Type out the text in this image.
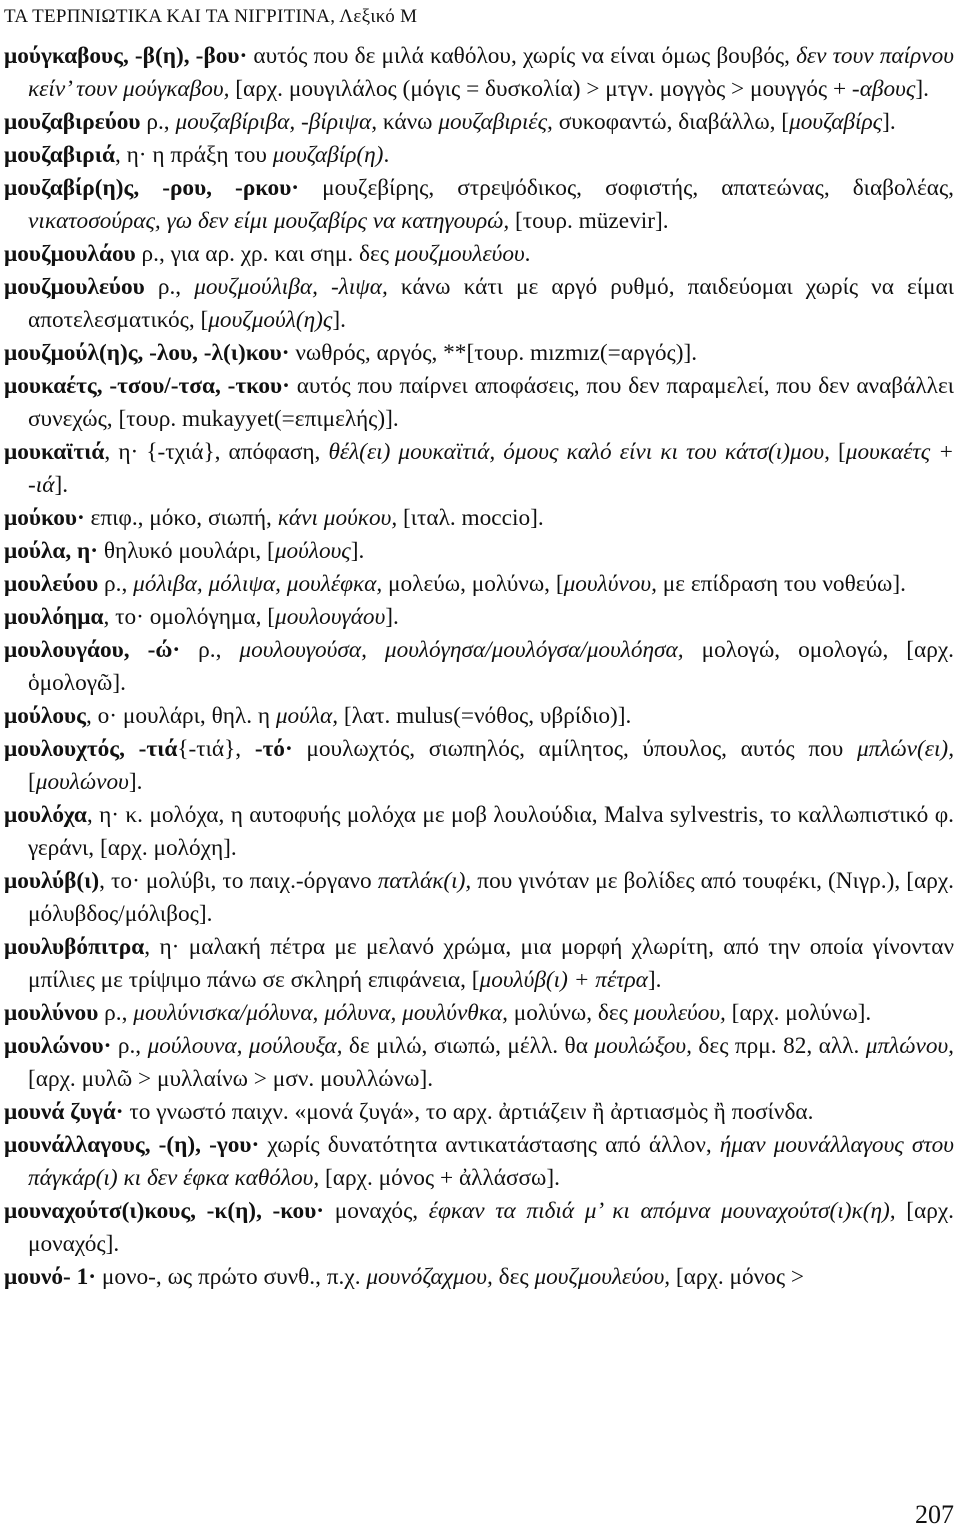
ΤΑ ΤΕΡΠΝΙΩΤΙΚΑ ΚΑΙ ΤΑ ΝΙΓΡΙΤΙΝΑ, Λεξικό Μ
μούγκαβους, -β(η), -βου· αυτός που δε μιλά καθόλου, χωρίς να είναι όμως βουβός, δεν τουν παίρνου κείν’ τουν μούγκαβου, [αρχ. μουγιλάλος (μόγις = δυσκολία) > μτγν. μογγὸς > μουγγός + -αβους].
μουζαβιρεύου ρ., μουζαβίριβα, -βίριψα, κάνω μουζαβιριές, συκοφαντώ, διαβάλλω, [μουζαβίρς].
μουζαβιριά, η· η πράξη του μουζαβίρ(η).
μουζαβίρ(η)ς, -ρου, -ρκου· μουζεβίρης, στρεψόδικος, σοφιστής, απατεώνας, διαβολέας, νικατοσούρας, γω δεν είμι μουζαβίρς να κατηγουρώ, [τουρ. müzevir].
μουζμουλάου ρ., για αρ. χρ. και σημ. δες μουζμουλεύου.
μουζμουλεύου ρ., μουζμούλιβα, -λιψα, κάνω κάτι με αργό ρυθμό, παιδεύομαι χωρίς να είμαι αποτελεσματικός, [μουζμούλ(η)ς].
μουζμούλ(η)ς, -λου, -λ(ι)κου· νωθρός, αργός, **[τουρ. mızmız(=αργός)].
μουκαέτς, -τσου/-τσα, -τκου· αυτός που παίρνει αποφάσεις, που δεν παραμελεί, που δεν αναβάλλει συνεχώς, [τουρ. mukayyet(=επιμελής)].
μουκαϊτιά, η· {-τχιά}, απόφαση, θέλ(ει) μουκαϊτιά, όμους καλό είνι κι του κάτσ(ι)μου, [μουκαέτς + -ιά].
μούκου· επιφ., μόκο, σιωπή, κάνι μούκου, [ιταλ. moccio].
μούλα, η· θηλυκό μουλάρι, [μούλους].
μουλεύου ρ., μόλιβα, μόλιψα, μουλέφκα, μολεύω, μολύνω, [μουλύνου, με επίδραση του νοθεύω].
μουλόημα, το· ομολόγημα, [μουλουγάου].
μουλουγάου, -ώ· ρ., μουλουγούσα, μουλόγησα/μουλόγσα/μουλόησα, μολογώ, ομολογώ, [αρχ. ὁμολογῶ].
μούλους, ο· μουλάρι, θηλ. η μούλα, [λατ. mulus(=νόθος, υβρίδιο)].
μουλουχτός, -τιά{-τιά}, -τό· μουλωχτός, σιωπηλός, αμίλητος, ύπουλος, αυτός που μπλών(ει), [μουλώνου].
μουλόχα, η· κ. μολόχα, η αυτοφυής μολόχα με μοβ λουλούδια, Malva sylvestris, το καλλωπιστικό φ. γεράνι, [αρχ. μολόχη].
μουλύβ(ι), το· μολύβι, το παιχ.-όργανο πατλάκ(ι), που γινόταν με βολίδες από τουφέκι, (Νιγρ.), [αρχ. μόλυβδος/μόλιβος].
μουλυβόπιτρα, η· μαλακή πέτρα με μελανό χρώμα, μια μορφή χλωρίτη, από την οποία γίνονταν μπίλιες με τρίψιμο πάνω σε σκληρή επιφάνεια, [μουλύβ(ι) + πέτρα].
μουλύνου ρ., μουλύνισκα/μόλυνα, μόλυνα, μουλύνθκα, μολύνω, δες μουλεύου, [αρχ. μολύνω].
μουλώνου· ρ., μούλουνα, μούλουξα, δε μιλώ, σιωπώ, μέλλ. θα μουλώξου, δες πρμ. 82, αλλ. μπλώνου, [αρχ. μυλῶ > μυλλαίνω > μσν. μουλλώνω].
μουνά ζυγά· το γνωστό παιχν. «μονά ζυγά», το αρχ. ἀρτιάζειν ἢ ἀρτιασμὸς ἢ ποσίνδα.
μουνάλλαγους, -(η), -γου· χωρίς δυνατότητα αντικατάστασης από άλλον, ήμαν μουνάλλαγους στου πάγκάρ(ι) κι δεν έφκα καθόλου, [αρχ. μόνος + ἀλλάσσω].
μουναχούτσ(ι)κους, -κ(η), -κου· μοναχός, έφκαν τα πιδιά μ’ κι απόμνα μουναχούτσ(ι)κ(η), [αρχ. μοναχός].
μουνό- 1· μονο-, ως πρώτο συνθ., π.χ. μουνόζαχμου, δες μουζμουλεύου, [αρχ. μόνος >
207
